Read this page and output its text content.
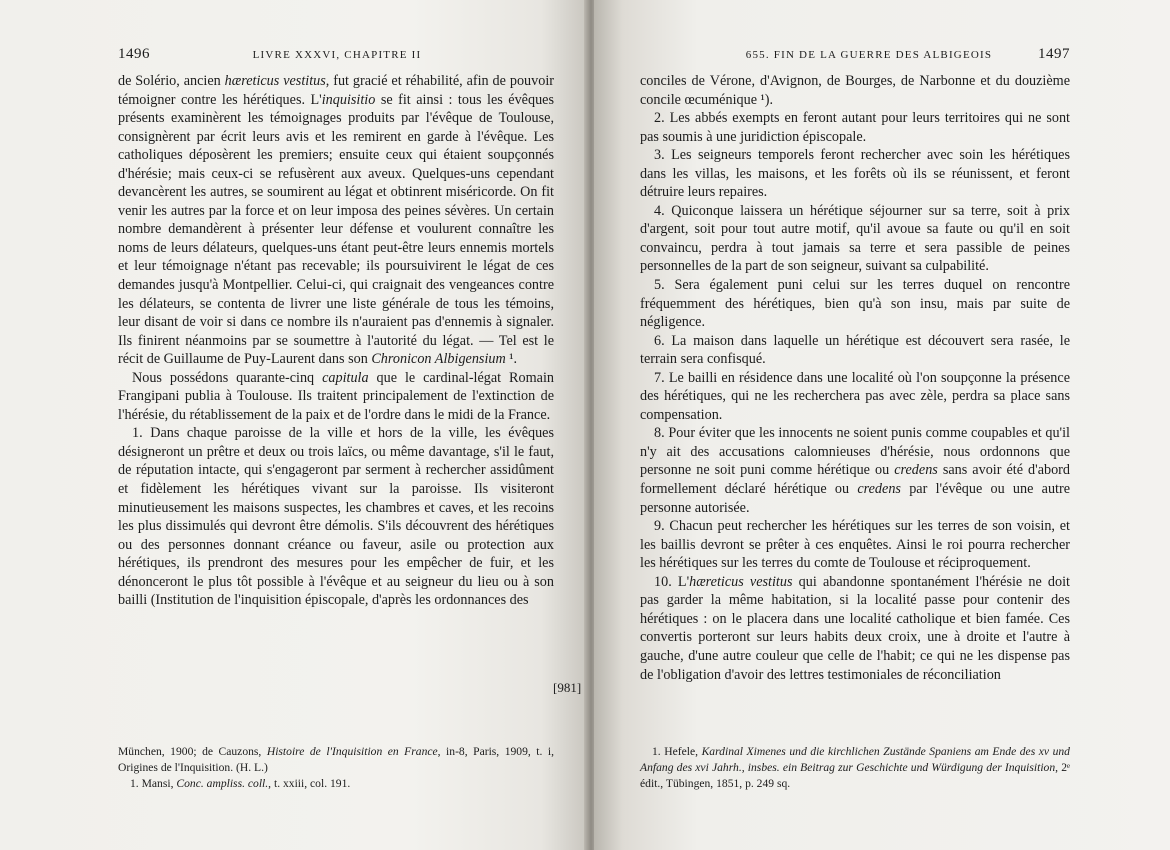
1496	LIVRE XXXVI, CHAPITRE II

de Solério, ancien hæreticus vestitus, fut gracié et réhabilité, afin de pouvoir témoigner contre les hérétiques. L'inquisitio se fit ainsi : tous les évêques présents examinèrent les témoignages produits par l'évêque de Toulouse, consignèrent par écrit leurs avis et les remirent en garde à l'évêque. Les catholiques déposèrent les premiers; ensuite ceux qui étaient soupçonnés d'hérésie; mais ceux-ci se refusèrent aux aveux. Quelques-uns cependant devancèrent les autres, se soumirent au légat et obtinrent miséricorde. On fit venir les autres par la force et on leur imposa des peines sévères. Un certain nombre demandèrent à présenter leur défense et voulurent connaître les noms de leurs délateurs, quelques-uns étant peut-être leurs ennemis mortels et leur témoignage n'étant pas recevable; ils poursuivirent le légat de ces demandes jusqu'à Montpellier. Celui-ci, qui craignait des vengeances contre les délateurs, se contenta de livrer une liste générale de tous les témoins, leur disant de voir si dans ce nombre ils n'auraient pas d'ennemis à signaler. Ils finirent néanmoins par se soumettre à l'autorité du légat. — Tel est le récit de Guillaume de Puy-Laurent dans son Chronicon Albigensium ¹.

Nous possédons quarante-cinq capitula que le cardinal-légat Romain Frangipani publia à Toulouse. Ils traitent principalement de l'extinction de l'hérésie, du rétablissement de la paix et de l'ordre dans le midi de la France.

1. Dans chaque paroisse de la ville et hors de la ville, les évêques désigneront un prêtre et deux ou trois laïcs, ou même davantage, s'il le faut, de réputation intacte, qui s'engageront par serment à rechercher assidûment et fidèlement les hérétiques vivant sur la paroisse. Ils visiteront minutieusement les maisons suspectes, les chambres et caves, et les recoins les plus dissimulés qui devront être démolis. S'ils découvrent des hérétiques ou des personnes donnant créance ou faveur, asile ou protection aux hérétiques, ils prendront des mesures pour les empêcher de fuir, et les dénonceront le plus tôt possible à l'évêque et au seigneur du lieu ou à son bailli (Institution de l'inquisition épiscopale, d'après les ordonnances des

München, 1900; de Cauzons, Histoire de l'Inquisition en France, in-8, Paris, 1909, t. i, Origines de l'Inquisition. (H. L.)

1. Mansi, Conc. ampliss. coll., t. xxiii, col. 191.

[981]
655. FIN DE LA GUERRE DES ALBIGEOIS	1497

conciles de Vérone, d'Avignon, de Bourges, de Narbonne et du douzième concile œcuménique ¹).

2. Les abbés exempts en feront autant pour leurs territoires qui ne sont pas soumis à une juridiction épiscopale.

3. Les seigneurs temporels feront rechercher avec soin les hérétiques dans les villas, les maisons, et les forêts où ils se réunissent, et feront détruire leurs repaires.

4. Quiconque laissera un hérétique séjourner sur sa terre, soit à prix d'argent, soit pour tout autre motif, qu'il avoue sa faute ou qu'il en soit convaincu, perdra à tout jamais sa terre et sera passible de peines personnelles de la part de son seigneur, suivant sa culpabilité.

5. Sera également puni celui sur les terres duquel on rencontre fréquemment des hérétiques, bien qu'à son insu, mais par suite de négligence.

6. La maison dans laquelle un hérétique est découvert sera rasée, le terrain sera confisqué.

7. Le bailli en résidence dans une localité où l'on soupçonne la présence des hérétiques, qui ne les recherchera pas avec zèle, perdra sa place sans compensation.

8. Pour éviter que les innocents ne soient punis comme coupables et qu'il n'y ait des accusations calomnieuses d'hérésie, nous ordonnons que personne ne soit puni comme hérétique ou credens sans avoir été d'abord formellement déclaré hérétique ou credens par l'évêque ou une autre personne autorisée.

9. Chacun peut rechercher les hérétiques sur les terres de son voisin, et les baillis devront se prêter à ces enquêtes. Ainsi le roi pourra rechercher les hérétiques sur les terres du comte de Toulouse et réciproquement.

10. L'hæreticus vestitus qui abandonne spontanément l'hérésie ne doit pas garder la même habitation, si la localité passe pour contenir des hérétiques : on le placera dans une localité catholique et bien famée. Ces convertis porteront sur leurs habits deux croix, une à droite et l'autre à gauche, d'une autre couleur que celle de l'habit; ce qui ne les dispense pas de l'obligation d'avoir des lettres testimoniales de réconciliation

1. Hefele, Kardinal Ximenes und die kirchlichen Zustände Spaniens am Ende des xv und Anfang des xvi Jahrh., insbes. ein Beitrag zur Geschichte und Würdigung der Inquisition, 2ᵉ édit., Tübingen, 1851, p. 249 sq.
